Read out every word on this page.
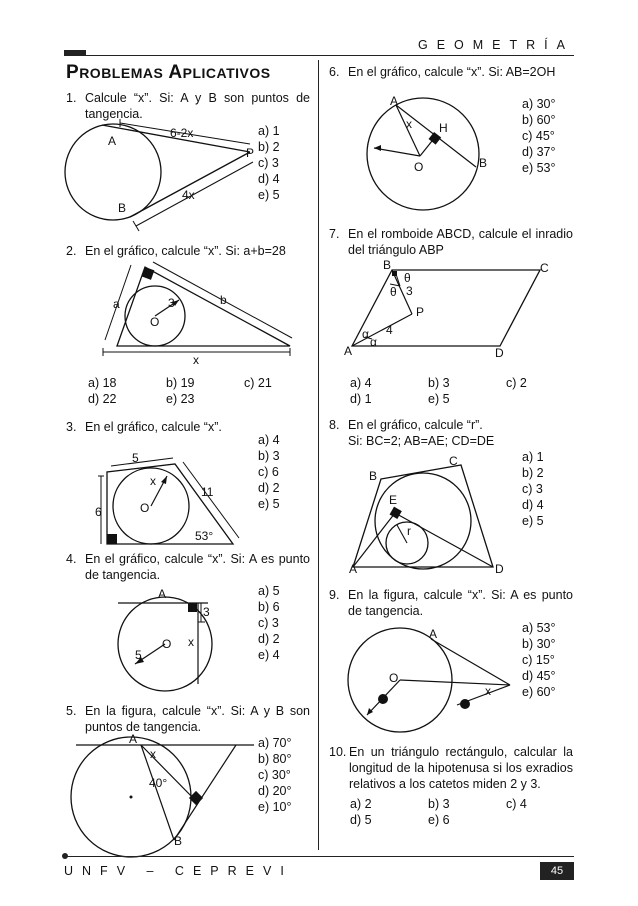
GEOMETRÍA
PROBLEMAS APLICATIVOS
1. Calcule “x”. Si: A y B son puntos de tangencia.
A
B
P
6-2x
4x
a) 1
b) 2
c) 3
d) 4
e) 5
2. En el gráfico, calcule “x”. Si: a+b=28
a	b
3
O
x
a) 18	b) 19	c) 21
d) 22	e) 23
3. En el gráfico, calcule “x”.
5
6
11
x
O
53°
a) 4
b) 3
c) 6
d) 2
e) 5
4. En el gráfico, calcule “x”. Si: A es punto de tangencia.
A
O
5
x
3
a) 5
b) 6
c) 3
d) 2
e) 4
5. En la figura, calcule “x”. Si: A y B son puntos de tangencia.
A
B
x
40°
a) 70°
b) 80°
c) 30°
d) 20°
e) 10°
6. En el gráfico, calcule “x”. Si: AB=2OH
A
B
H
O
x
a) 30°
b) 60°
c) 45°
d) 37°
e) 53°
7. En el romboide ABCD, calcule el inradio del triángulo ABP
B	C
A	D
P
3
4
θ
θ
α
α
a) 4	b) 3	c) 2
d) 1	e) 5
8. En el gráfico, calcule “r”.
Si: BC=2; AB=AE; CD=DE
B
C
A	D
E
r
a) 1
b) 2
c) 3
d) 4
e) 5
9. En la figura, calcule “x”. Si: A es punto de tangencia.
A
O
x
a) 53°
b) 30°
c) 15°
d) 45°
e) 60°
10. En un triángulo rectángulo, calcular la longitud de la hipotenusa si los exradios relativos a los catetos miden 2 y 3.
a) 2	b) 3	c) 4
d) 5	e) 6
UNFV – CEPREVI	45
